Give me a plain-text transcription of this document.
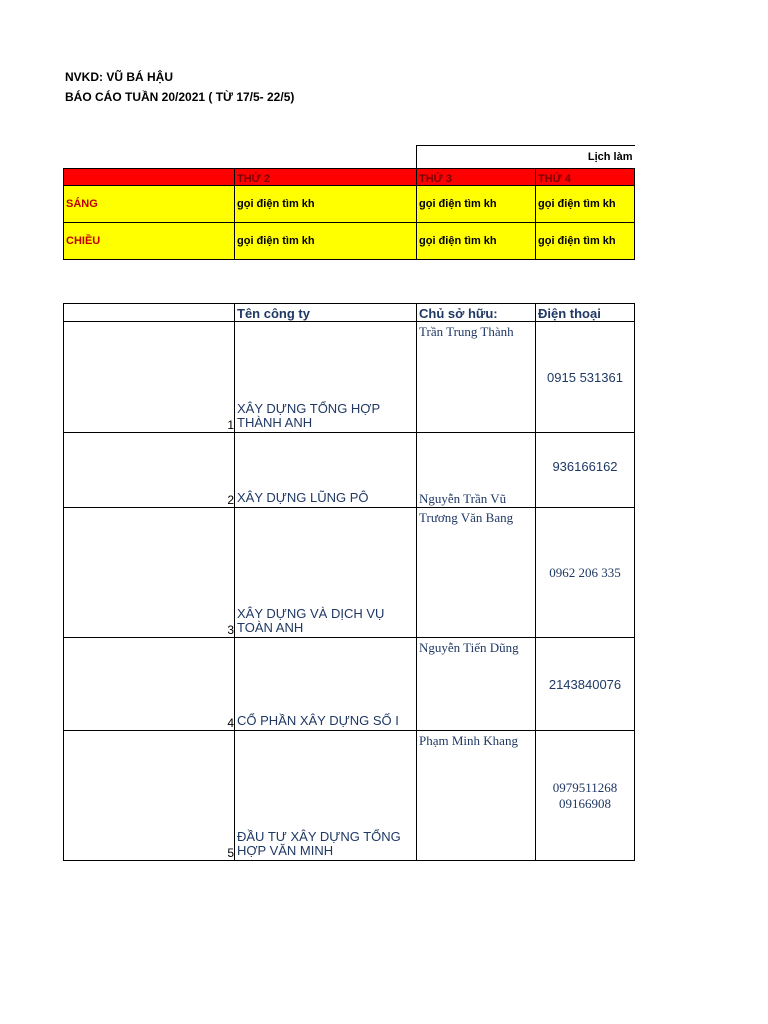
NVKD: VŨ BÁ HẬU
BÁO CÁO TUẦN 20/2021 ( TỪ 17/5- 22/5)
		Lịch làm	
	THỨ 2	THỨ 3	THỨ 4
SÁNG	gọi điện tìm kh	gọi điện tìm kh	gọi điện tìm kh
CHIỀU	gọi điện tìm kh	gọi điện tìm kh	gọi điện tìm kh
	Tên công ty	Chủ sở hữu:	Điện thoại
1	XÂY DỰNG TỔNG HỢP THÀNH ANH	Trần Trung Thành	0915 531361
2	XÂY DỰNG LŨNG PÔ	Nguyễn Trần Vũ	936166162
3	XÂY DỰNG VÀ DỊCH VỤ TOÀN ANH	Trương Văn Bang	0962 206 335
4	CỔ PHẦN XÂY DỰNG SỐ I	Nguyễn Tiến Dũng	2143840076
5	ĐẦU TƯ XÂY DỰNG TỔNG HỢP VĂN MINH	Phạm Minh Khang	0979511268 09166908
